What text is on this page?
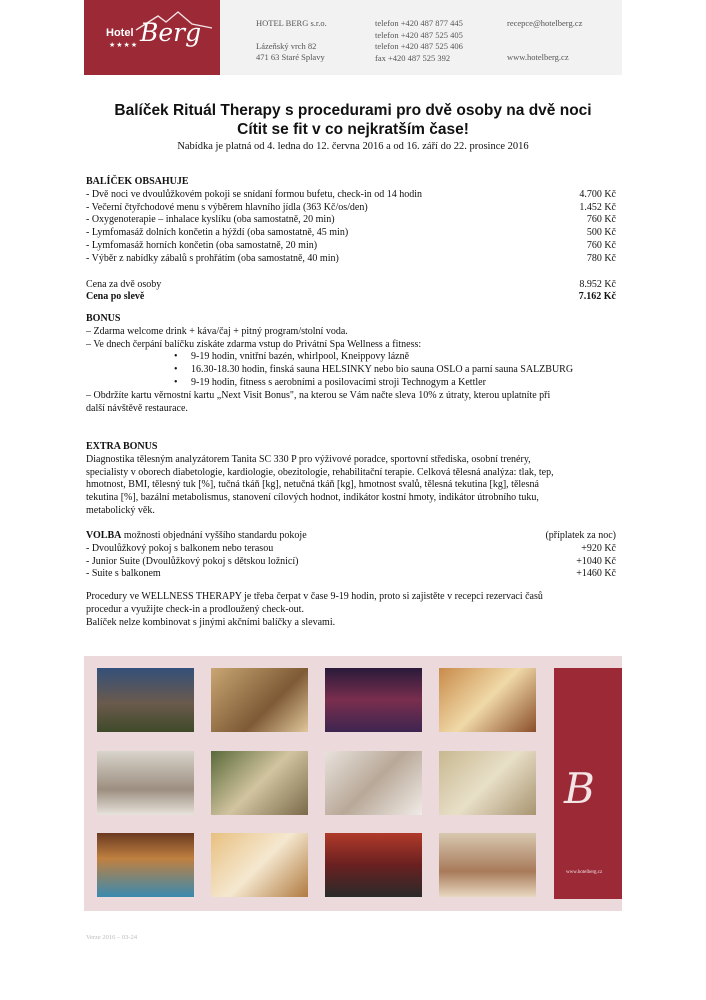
Hotel
★★★★ Berg	HOTEL BERG s.r.o.
Lázeňský vrch 82
471 63 Staré Splavy
telefon +420 487 877 445
telefon +420 487 525 405
telefon +420 487 525 406
fax +420 487 525 392
recepce@hotelberg.cz
www.hotelberg.cz
Balíček Rituál Therapy s procedurami pro dvě osoby na dvě noci
Cítit se fit v co nejkratším čase!
Nabídka je platná od 4. ledna do 12. června 2016 a od 16. září do 22. prosince 2016
BALÍČEK OBSAHUJE
- Dvě noci ve dvoulůžkovém pokoji se snídaní formou bufetu, check-in od 14 hodin	4.700 Kč
- Večerní čtyřchodové menu s výběrem hlavního jídla (363 Kč/os/den)	1.452 Kč
- Oxygenoterapie – inhalace kyslíku (oba samostatně, 20 min)	760 Kč
- Lymfomasáž dolních končetin a hýždí (oba samostatně, 45 min)	500 Kč
- Lymfomasáž horních končetin (oba samostatně, 20 min)	760 Kč
- Výběr z nabídky zábalů s prohřátím (oba samostatně, 40 min)	780 Kč
Cena za dvě osoby	8.952 Kč
Cena po slevě	7.162 Kč
BONUS
– Zdarma welcome drink + káva/čaj + pitný program/stolní voda.
– Ve dnech čerpání balíčku získáte zdarma vstup do Privátní Spa Wellness a fitness:
• 9-19 hodin, vnitřní bazén, whirlpool, Kneippovy lázně
• 16.30-18.30 hodin, finská sauna HELSINKY nebo bio sauna OSLO a parní sauna SALZBURG
• 9-19 hodin, fitness s aerobními a posilovacími stroji Technogym a Kettler
– Obdržíte kartu věrnostní kartu „Next Visit Bonus", na kterou se Vám načte sleva 10% z útraty, kterou uplatníte při
další návštěvě restaurace.
EXTRA BONUS
Diagnostika tělesným analyzátorem Tanita SC 330 P pro výživové poradce, sportovní střediska, osobní trenéry,
specialisty v oborech diabetologie, kardiologie, obezitologie, rehabilitační terapie. Celková tělesná analýza: tlak, tep,
hmotnost, BMI, tělesný tuk [%], tučná tkáň [kg], netučná tkáň [kg], hmotnost svalů, tělesná tekutina [kg], tělesná
tekutina [%], bazální metabolismus, stanovení cílových hodnot, indikátor kostní hmoty, indikátor útrobního tuku,
metabolický věk.
VOLBA možnosti objednání vyššího standardu pokoje	(příplatek za noc)
- Dvoulůžkový pokoj s balkonem nebo terasou	+920 Kč
- Junior Suite (Dvoulůžkový pokoj s dětskou ložnicí)	+1040 Kč
- Suite s balkonem	+1460 Kč
Procedury ve WELLNESS THERAPY je třeba čerpat v čase 9-19 hodin, proto si zajistěte v recepci rezervaci časů
procedur a využijte check-in a prodloužený check-out.
Balíček nelze kombinovat s jinými akčními balíčky a slevami.
B
www.hotelberg.cz
Verze 2016 – 03-24
